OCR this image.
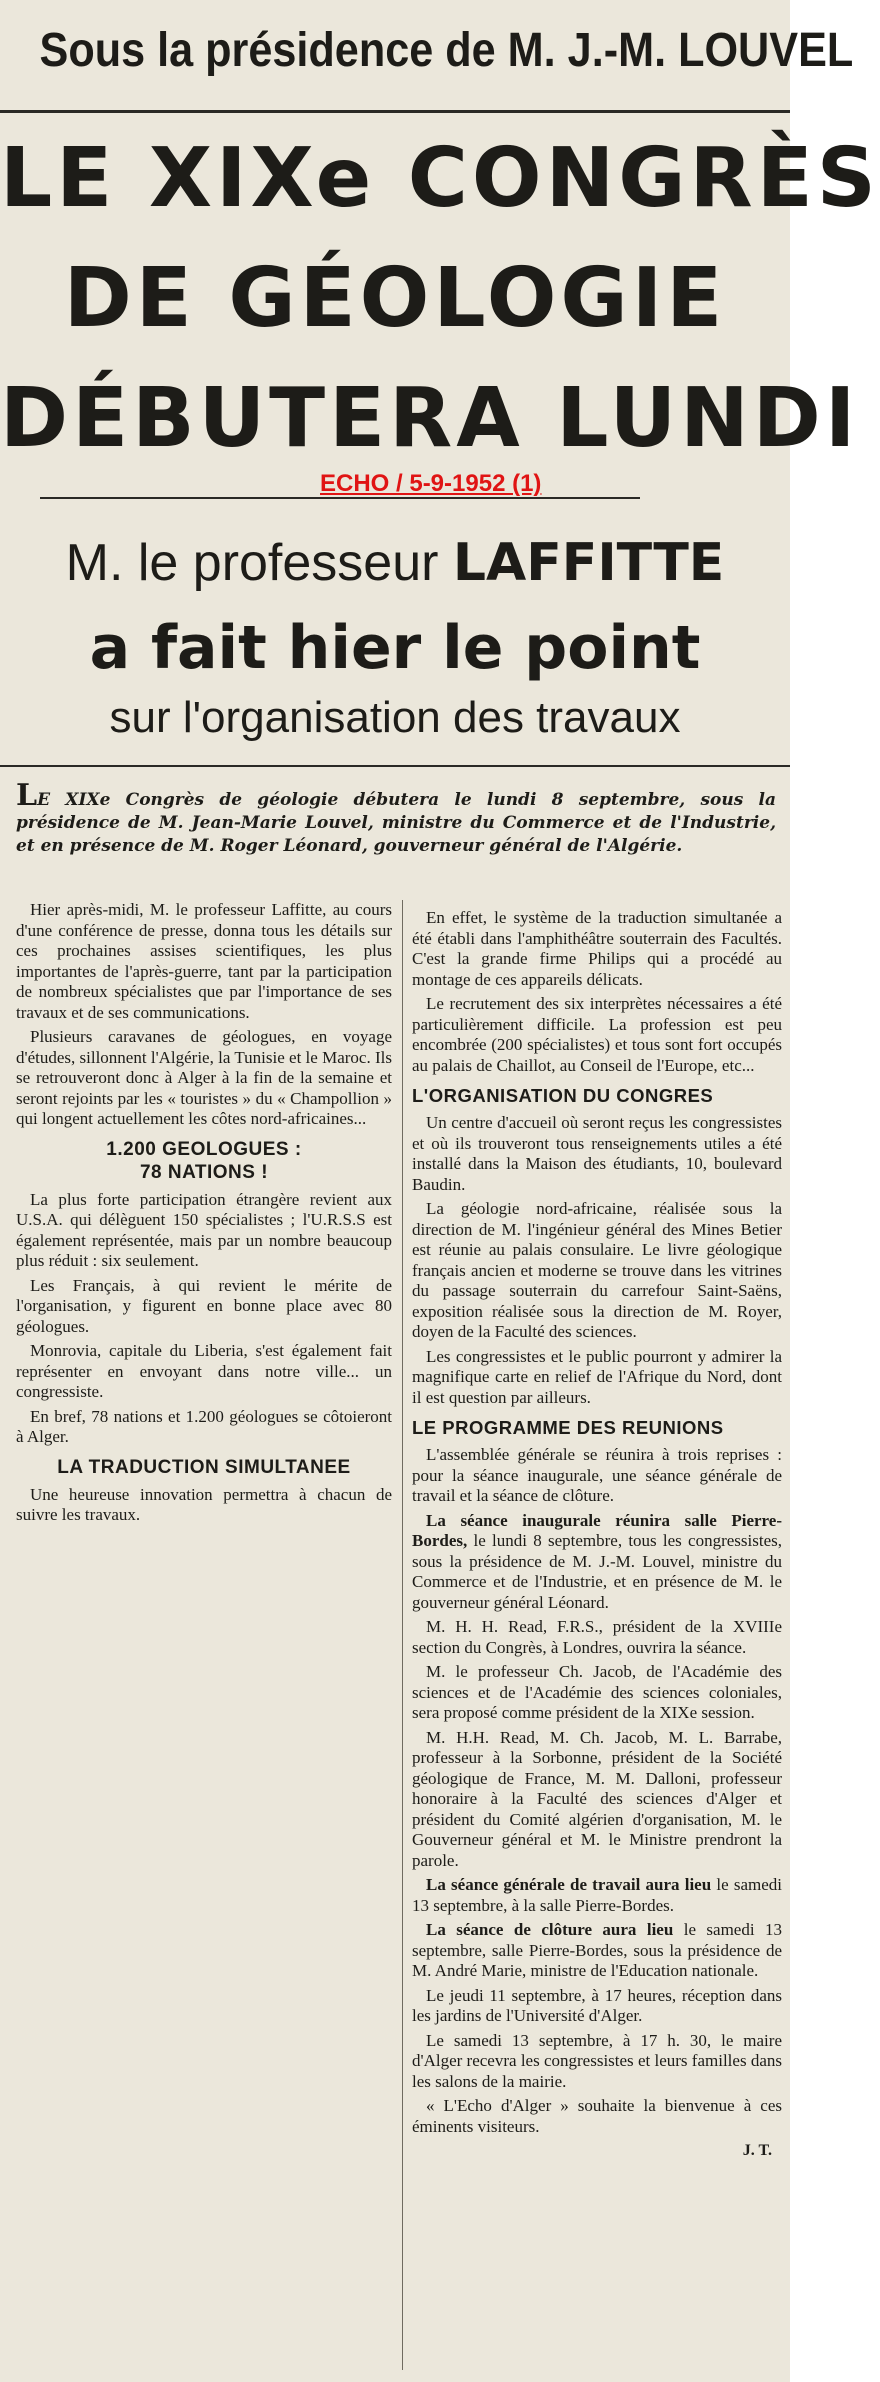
Sous la présidence de M. J.-M. LOUVEL
LE XIXe CONGRÈS
DE GÉOLOGIE
DÉBUTERA LUNDI
ECHO / 5-9-1952 (1)
M. le professeur LAFFITTE
a fait hier le point
sur l'organisation des travaux
LE XIXe Congrès de géologie débutera le lundi 8 septembre, sous la présidence de M. Jean-Marie Louvel, ministre du Commerce et de l'Industrie, et en présence de M. Roger Léonard, gouverneur général de l'Algérie.

Hier après-midi, M. le professeur Laffitte, au cours d'une conférence de presse, donna tous les détails sur ces prochaines assises scientifiques, les plus importantes de l'après-guerre, tant par la participation de nombreux spécialistes que par l'importance de ses travaux et de ses communications.

Plusieurs caravanes de géologues, en voyage d'études, sillonnent l'Algérie, la Tunisie et le Maroc. Ils se retrouveront donc à Alger à la fin de la semaine et seront rejoints par les « touristes » du « Champollion » qui longent actuellement les côtes nord-africaines...

1.200 GEOLOGUES :
78 NATIONS !

La plus forte participation étrangère revient aux U.S.A. qui délèguent 150 spécialistes ; l'U.R.S.S est également représentée, mais par un nombre beaucoup plus réduit : six seulement.

Les Français, à qui revient le mérite de l'organisation, y figurent en bonne place avec 80 géologues.

Monrovia, capitale du Liberia, s'est également fait représenter en envoyant dans notre ville... un congressiste.

En bref, 78 nations et 1.200 géologues se côtoieront à Alger.

LA TRADUCTION SIMULTANEE

Une heureuse innovation permettra à chacun de suivre les travaux.

En effet, le système de la traduction simultanée a été établi dans l'amphithéâtre souterrain des Facultés. C'est la grande firme Philips qui a procédé au montage de ces appareils délicats.

Le recrutement des six interprètes nécessaires a été particulièrement difficile. La profession est peu encombrée (200 spécialistes) et tous sont fort occupés au palais de Chaillot, au Conseil de l'Europe, etc...

L'ORGANISATION DU CONGRES

Un centre d'accueil où seront reçus les congressistes et où ils trouveront tous renseignements utiles a été installé dans la Maison des étudiants, 10, boulevard Baudin.

La géologie nord-africaine, réalisée sous la direction de M. l'ingénieur général des Mines Betier est réunie au palais consulaire. Le livre géologique français ancien et moderne se trouve dans les vitrines du passage souterrain du carrefour Saint-Saëns, exposition réalisée sous la direction de M. Royer, doyen de la Faculté des sciences.

Les congressistes et le public pourront y admirer la magnifique carte en relief de l'Afrique du Nord, dont il est question par ailleurs.

LE PROGRAMME DES REUNIONS

L'assemblée générale se réunira à trois reprises : pour la séance inaugurale, une séance générale de travail et la séance de clôture.

La séance inaugurale réunira salle Pierre-Bordes, le lundi 8 septembre, tous les congressistes, sous la présidence de M. J.-M. Louvel, ministre du Commerce et de l'Industrie, et en présence de M. le gouverneur général Léonard.

M. H. H. Read, F.R.S., président de la XVIIIe section du Congrès, à Londres, ouvrira la séance.

M. le professeur Ch. Jacob, de l'Académie des sciences et de l'Académie des sciences coloniales, sera proposé comme président de la XIXe session.

M. H.H. Read, M. Ch. Jacob, M. L. Barrabe, professeur à la Sorbonne, président de la Société géologique de France, M. M. Dalloni, professeur honoraire à la Faculté des sciences d'Alger et président du Comité algérien d'organisation, M. le Gouverneur général et M. le Ministre prendront la parole.

La séance générale de travail aura lieu le samedi 13 septembre, à la salle Pierre-Bordes.

La séance de clôture aura lieu le samedi 13 septembre, salle Pierre-Bordes, sous la présidence de M. André Marie, ministre de l'Education nationale.

Le jeudi 11 septembre, à 17 heures, réception dans les jardins de l'Université d'Alger.

Le samedi 13 septembre, à 17 h. 30, le maire d'Alger recevra les congressistes et leurs familles dans les salons de la mairie.

« L'Echo d'Alger » souhaite la bienvenue à ces éminents visiteurs.

J. T.
